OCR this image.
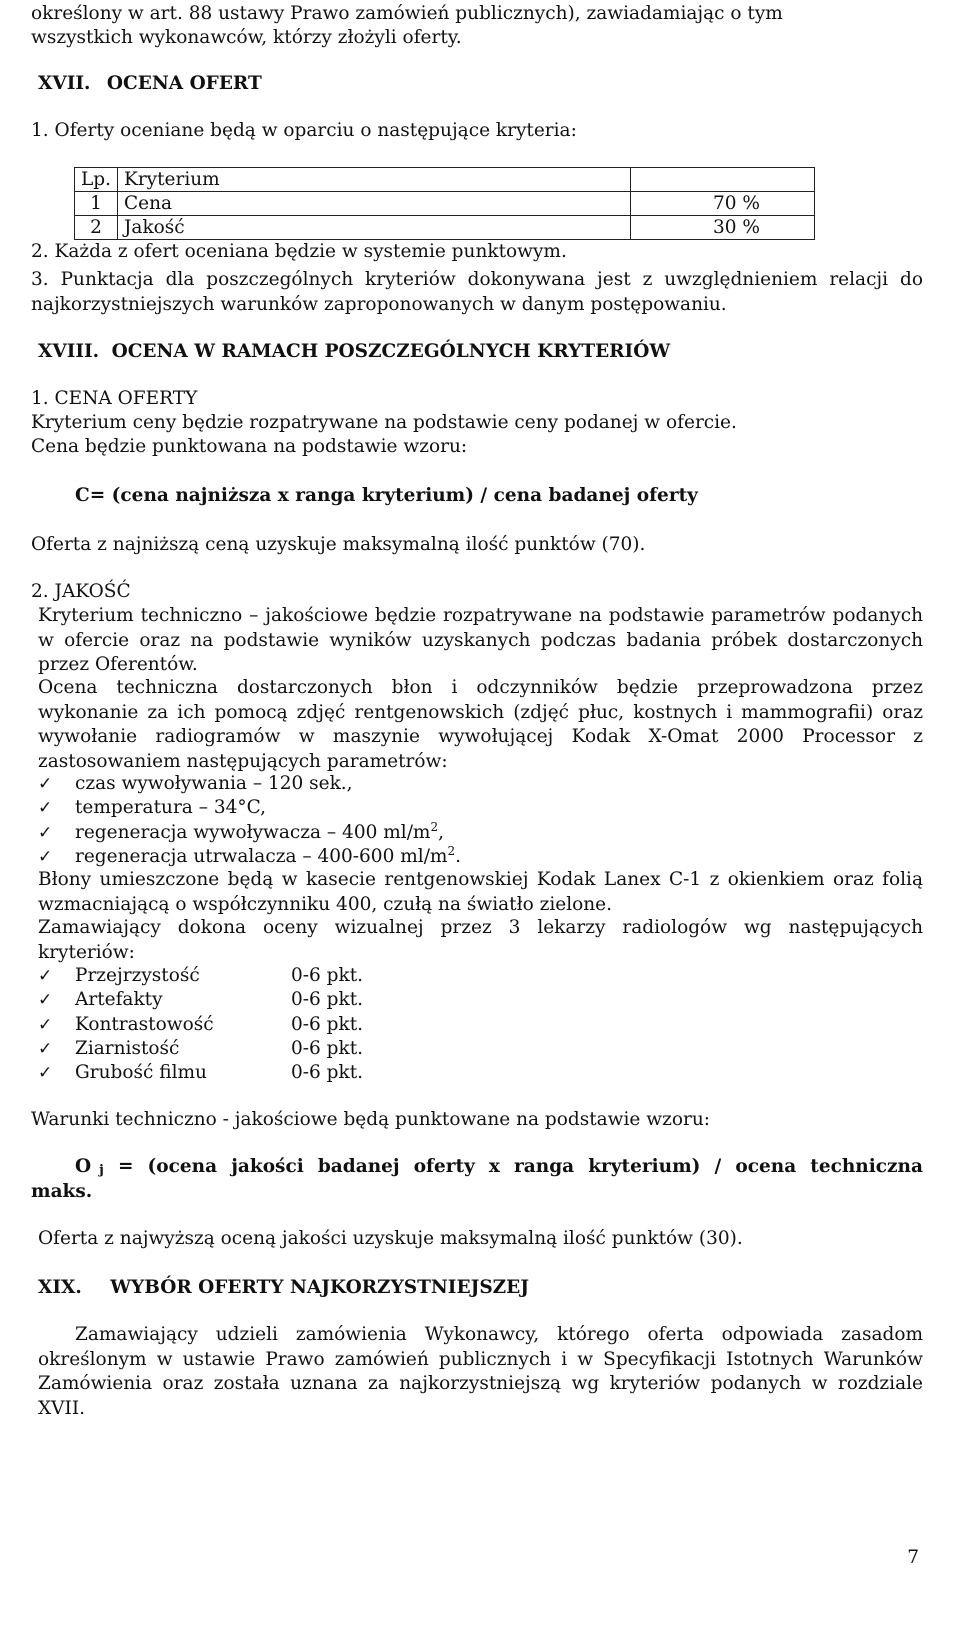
określony w art. 88 ustawy Prawo zamówień publicznych), zawiadamiając o tym

wszystkich wykonawców, którzy złożyli oferty.

XVII. OCENA OFERT

1. Oferty oceniane będą w oparciu o następujące kryteria:

Lp.	Kryterium	
1	Cena	70 %
2	Jakość	30 %

2. Każda z ofert oceniana będzie w systemie punktowym.

3. Punktacja dla poszczególnych kryteriów dokonywana jest z uwzględnieniem relacji do najkorzystniejszych warunków zaproponowanych w danym postępowaniu.

XVIII. OCENA W RAMACH POSZCZEGÓLNYCH KRYTERIÓW

1. CENA OFERTY

Kryterium ceny będzie rozpatrywane na podstawie ceny podanej w ofercie.

Cena będzie punktowana na podstawie wzoru:

C= (cena najniższa x ranga kryterium) / cena badanej oferty

Oferta z najniższą ceną uzyskuje maksymalną ilość punktów (70).

2. JAKOŚĆ

Kryterium techniczno – jakościowe będzie rozpatrywane na podstawie parametrów podanych w ofercie oraz na podstawie wyników uzyskanych podczas badania próbek dostarczonych przez Oferentów.

Ocena techniczna dostarczonych błon i odczynników będzie przeprowadzona przez wykonanie za ich pomocą zdjęć rentgenowskich (zdjęć płuc, kostnych i mammografii) oraz wywołanie radiogramów w maszynie wywołującej Kodak X-Omat 2000 Processor z zastosowaniem następujących parametrów:

✓ czas wywoływania – 120 sek.,
✓ temperatura – 34°C,
✓ regeneracja wywoływacza – 400 $ml/m^2$,
✓ regeneracja utrwalacza – 400-600 $ml/m^2$.

Błony umieszczone będą w kasecie rentgenowskiej Kodak Lanex C-1 z okienkiem oraz folią wzmacniającą o współczynniku 400, czułą na światło zielone.

Zamawiający dokona oceny wizualnej przez 3 lekarzy radiologów wg następujących kryteriów:

✓ Przejrzystość	0-6 pkt.
✓ Artefakty	0-6 pkt.
✓ Kontrastowość	0-6 pkt.
✓ Ziarnistość	0-6 pkt.
✓ Grubość filmu	0-6 pkt.

Warunki techniczno - jakościowe będą punktowane na podstawie wzoru:

O j = (ocena jakości badanej oferty x ranga kryterium) / ocena techniczna
maks.

Oferta z najwyższą oceną jakości uzyskuje maksymalną ilość punktów (30).

XIX. WYBÓR OFERTY NAJKORZYSTNIEJSZEJ

Zamawiający udzieli zamówienia Wykonawcy, którego oferta odpowiada zasadom określonym w ustawie Prawo zamówień publicznych i w Specyfikacji Istotnych Warunków Zamówienia oraz została uznana za najkorzystniejszą wg kryteriów podanych w rozdziale XVII.

7
